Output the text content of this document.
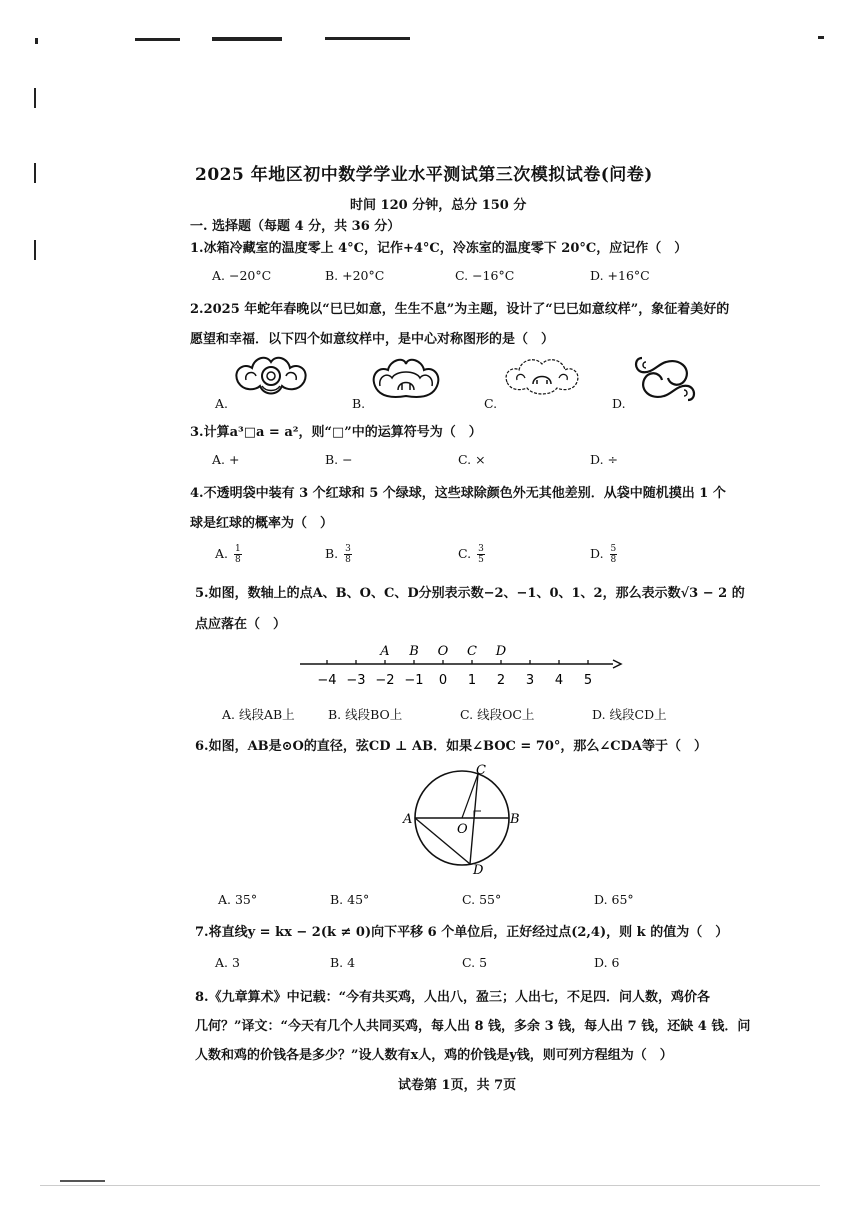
2025 年地区初中数学学业水平测试第三次模拟试卷(问卷)
时间 120 分钟，总分 150 分
一. 选择题（每题 4 分，共 36 分）
1.冰箱冷藏室的温度零上 4°C，记作+4°C，冷冻室的温度零下 20°C，应记作（　）
A. −20°C	B. +20°C	C. −16°C	D. +16°C
2.2025 年蛇年春晚以“巳巳如意，生生不息”为主题，设计了“巳巳如意纹样”，象征着美好的
愿望和幸福．以下四个如意纹样中，是中心对称图形的是（　）
A.	B.	C.	D.
3.计算a³□a = a²，则“□”中的运算符号为（　）
A. +	B. −	C. ×	D. ÷
4.不透明袋中装有 3 个红球和 5 个绿球，这些球除颜色外无其他差别．从袋中随机摸出 1 个
球是红球的概率为（　）
A. $\frac{1}{8}$	B. $\frac{3}{8}$	C. $\frac{3}{5}$	D. $\frac{5}{8}$
5.如图，数轴上的点A、B、O、C、D分别表示数−2、−1、0、1、2，那么表示数√3 − 2 的
点应落在（　）
−4 −3 −2 −1 0 1 2 3 4 5
A B O C D
A. 线段AB上	B. 线段BO上	C. 线段OC上	D. 线段CD上
6.如图，AB是⊙O的直径，弦CD ⊥ AB．如果∠BOC = 70°，那么∠CDA等于（　）
C
A
O
B
D
A. 35°	B. 45°	C. 55°	D. 65°
7.将直线y = kx − 2(k ≠ 0)向下平移 6 个单位后，正好经过点(2,4)，则 k 的值为（　）
A. 3	B. 4	C. 5	D. 6
8.《九章算术》中记载：“今有共买鸡，人出八，盈三；人出七，不足四．问人数，鸡价各
几何？”译文：“今天有几个人共同买鸡，每人出 8 钱，多余 3 钱，每人出 7 钱，还缺 4 钱．问
人数和鸡的价钱各是多少？”设人数有x人，鸡的价钱是y钱，则可列方程组为（　）
试卷第 1页，共 7页
